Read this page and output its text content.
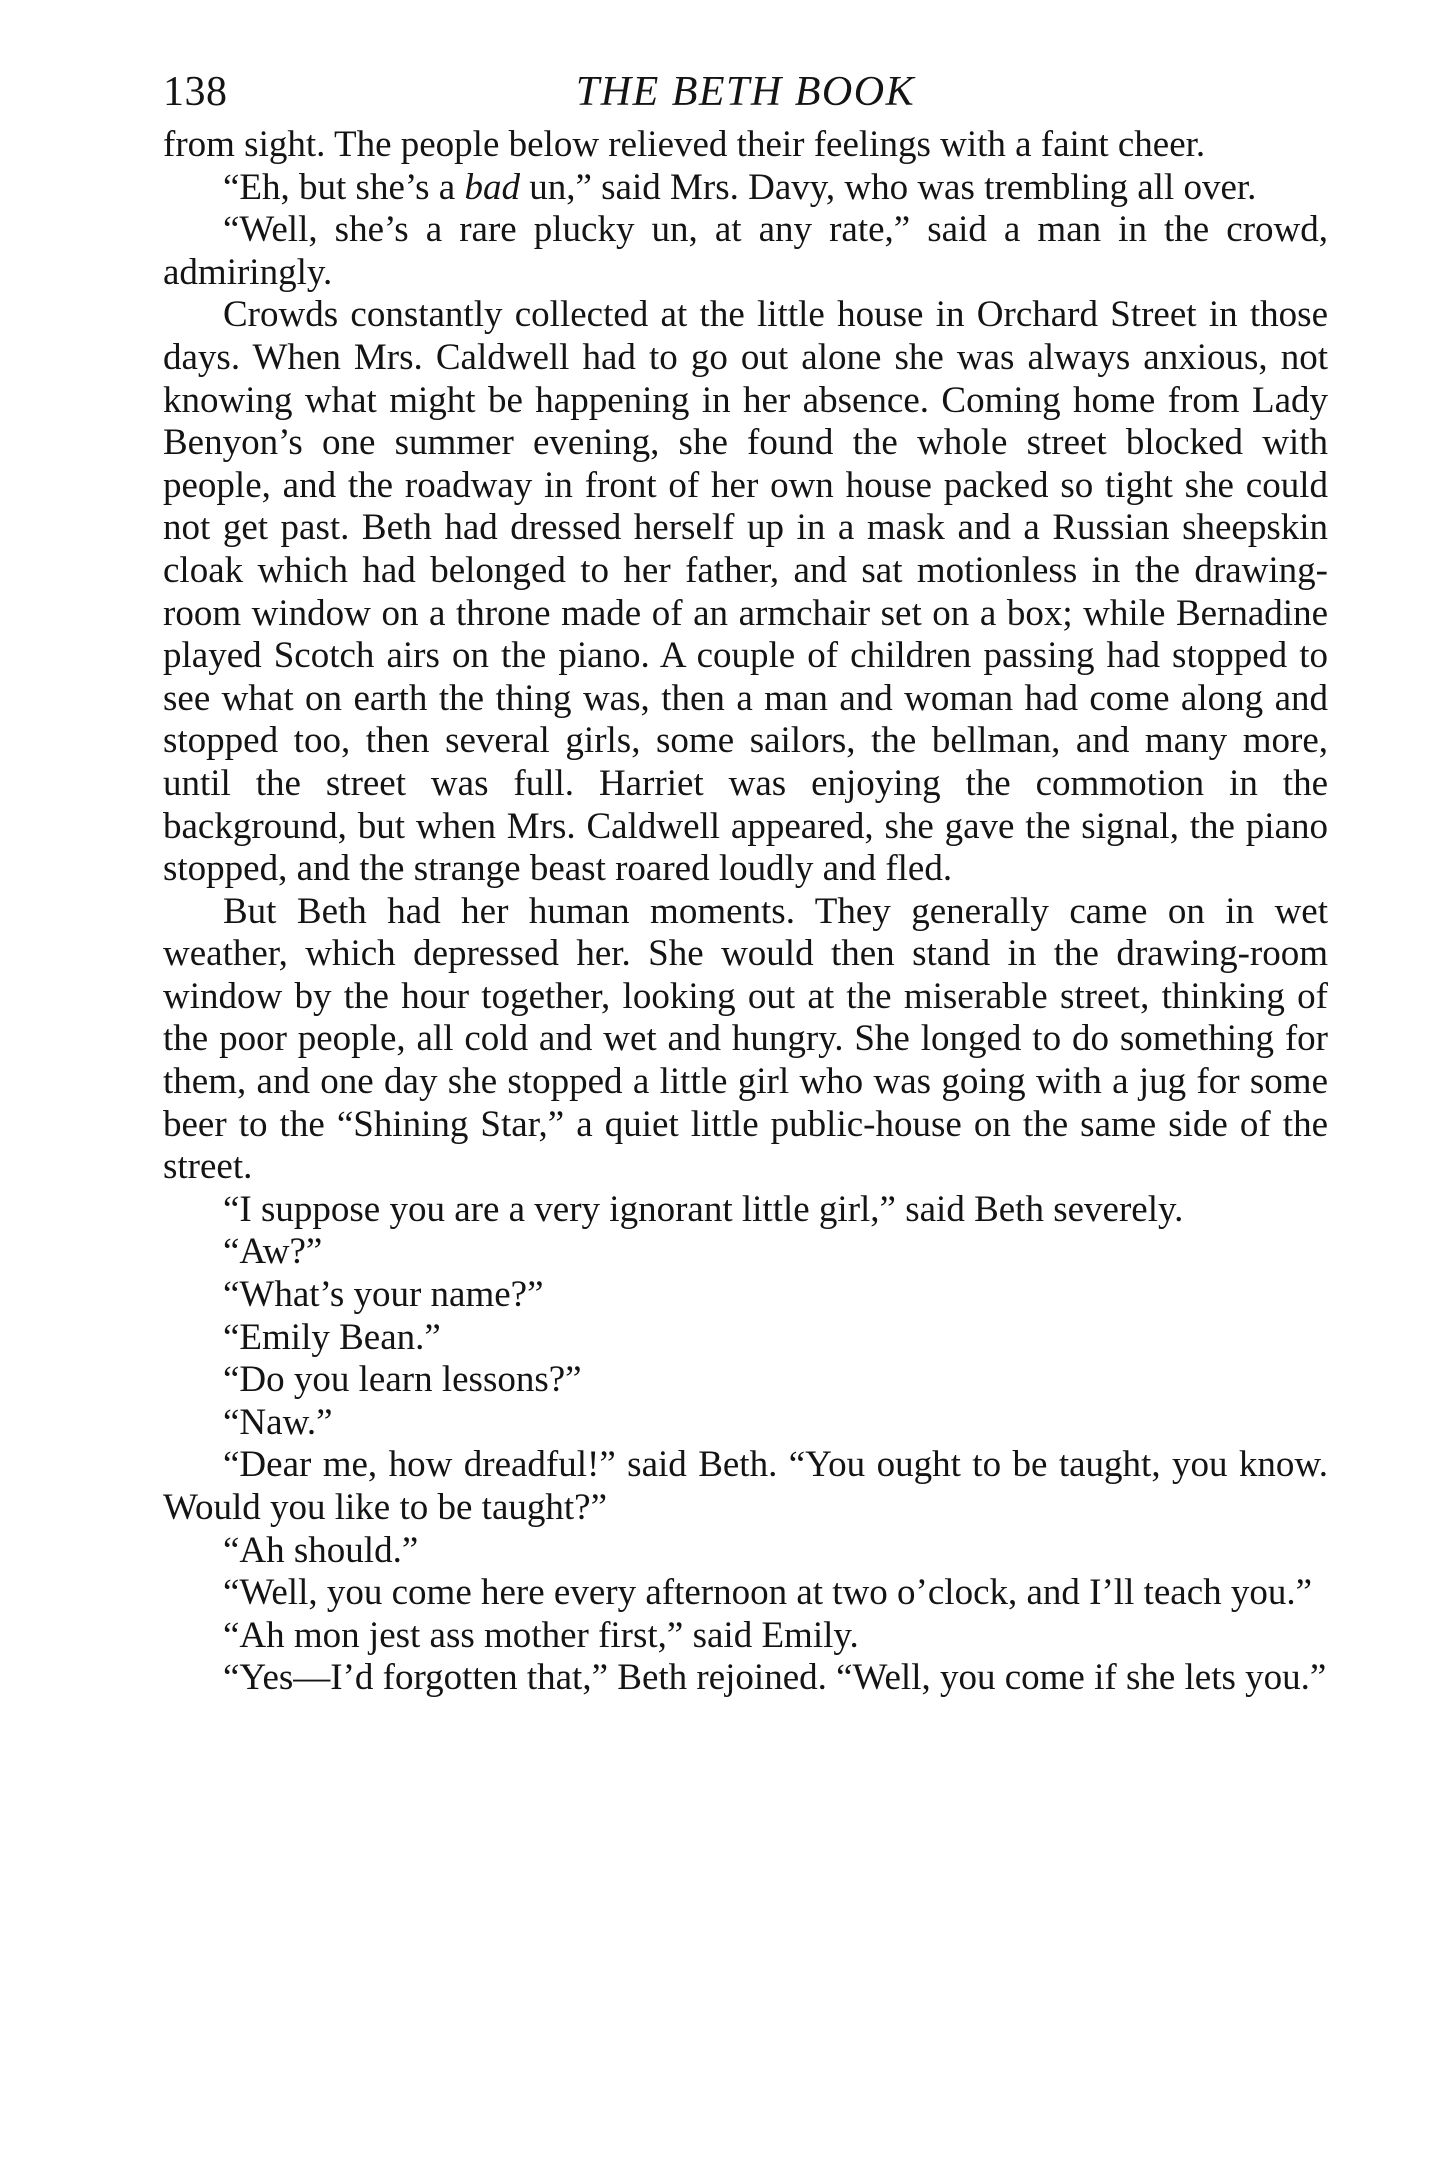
138	THE BETH BOOK

from sight. The people below relieved their feelings with a faint cheer.

“Eh, but she’s a bad un,” said Mrs. Davy, who was trembling all over.

“Well, she’s a rare plucky un, at any rate,” said a man in the crowd, admiringly.

Crowds constantly collected at the little house in Orchard Street in those days. When Mrs. Caldwell had to go out alone she was always anxious, not knowing what might be happening in her absence. Coming home from Lady Benyon’s one summer evening, she found the whole street blocked with people, and the roadway in front of her own house packed so tight she could not get past. Beth had dressed herself up in a mask and a Russian sheepskin cloak which had belonged to her father, and sat motionless in the drawing-room window on a throne made of an armchair set on a box; while Bernadine played Scotch airs on the piano. A couple of children passing had stopped to see what on earth the thing was, then a man and woman had come along and stopped too, then several girls, some sailors, the bellman, and many more, until the street was full. Harriet was enjoying the commotion in the background, but when Mrs. Caldwell appeared, she gave the signal, the piano stopped, and the strange beast roared loudly and fled.

But Beth had her human moments. They generally came on in wet weather, which depressed her. She would then stand in the drawing-room window by the hour together, looking out at the miserable street, thinking of the poor people, all cold and wet and hungry. She longed to do something for them, and one day she stopped a little girl who was going with a jug for some beer to the “Shining Star,” a quiet little public-house on the same side of the street.

“I suppose you are a very ignorant little girl,” said Beth severely.

“Aw?”

“What’s your name?”

“Emily Bean.”

“Do you learn lessons?”

“Naw.”

“Dear me, how dreadful!” said Beth. “You ought to be taught, you know. Would you like to be taught?”

“Ah should.”

“Well, you come here every afternoon at two o’clock, and I’ll teach you.”

“Ah mon jest ass mother first,” said Emily.

“Yes—I’d forgotten that,” Beth rejoined. “Well, you come if she lets you.”
